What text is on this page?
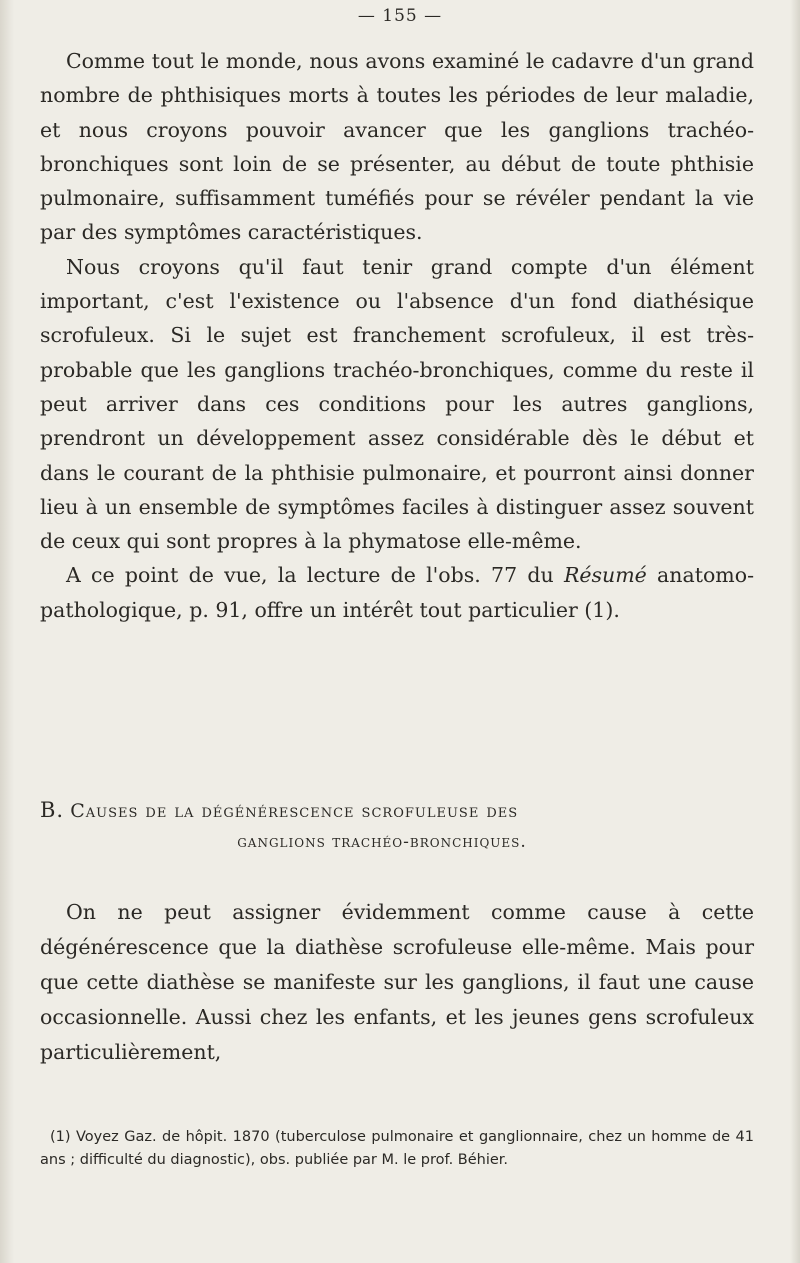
— 155 —

Comme tout le monde, nous avons examiné le cadavre d'un grand nombre de phthisiques morts à toutes les périodes de leur maladie, et nous croyons pouvoir avancer que les ganglions trachéo-bronchiques sont loin de se présenter, au début de toute phthisie pulmonaire, suffisamment tuméfiés pour se révéler pendant la vie par des symptômes caractéristiques.

Nous croyons qu'il faut tenir grand compte d'un élément important, c'est l'existence ou l'absence d'un fond diathésique scrofuleux. Si le sujet est franchement scrofuleux, il est très-probable que les ganglions trachéo-bronchiques, comme du reste il peut arriver dans ces conditions pour les autres ganglions, prendront un développement assez considérable dès le début et dans le courant de la phthisie pulmonaire, et pourront ainsi donner lieu à un ensemble de symptômes faciles à distinguer assez souvent de ceux qui sont propres à la phymatose elle-même.

A ce point de vue, la lecture de l'obs. 77 du Résumé anatomo-pathologique, p. 91, offre un intérêt tout particulier (1).

B. Causes de la dégénérescence scrofuleuse des
ganglions trachéo-bronchiques.

On ne peut assigner évidemment comme cause à cette dégénérescence que la diathèse scrofuleuse elle-même. Mais pour que cette diathèse se manifeste sur les ganglions, il faut une cause occasionnelle. Aussi chez les enfants, et les jeunes gens scrofuleux particulièrement,

(1) Voyez Gaz. de hôpit. 1870 (tuberculose pulmonaire et ganglionnaire, chez un homme de 41 ans ; difficulté du diagnostic), obs. publiée par M. le prof. Béhier.
